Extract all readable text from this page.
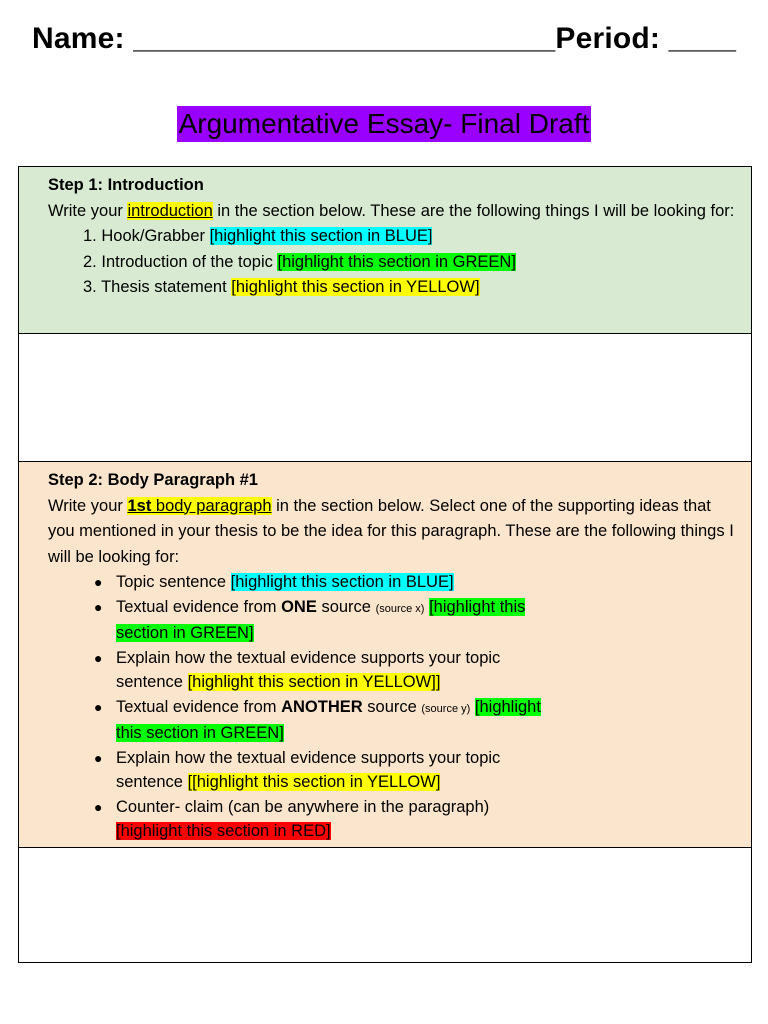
Name: _________________________Period: ____
Argumentative Essay- Final Draft
Step 1: Introduction
Write your introduction in the section below. These are the following things I will be looking for:
1. Hook/Grabber [highlight this section in BLUE]
2. Introduction of the topic [highlight this section in GREEN]
3. Thesis statement [highlight this section in YELLOW]
Step 2: Body Paragraph #1
Write your 1st body paragraph in the section below. Select one of the supporting ideas that you mentioned in your thesis to be the idea for this paragraph. These are the following things I will be looking for:
● Topic sentence [highlight this section in BLUE]
● Textual evidence from ONE source (source x) [highlight this
section in GREEN]
● Explain how the textual evidence supports your topic
sentence [highlight this section in YELLOW]]
● Textual evidence from ANOTHER source (source y) [highlight
this section in GREEN]
● Explain how the textual evidence supports your topic
sentence [[highlight this section in YELLOW]
● Counter- claim (can be anywhere in the paragraph)
[highlight this section in RED]
